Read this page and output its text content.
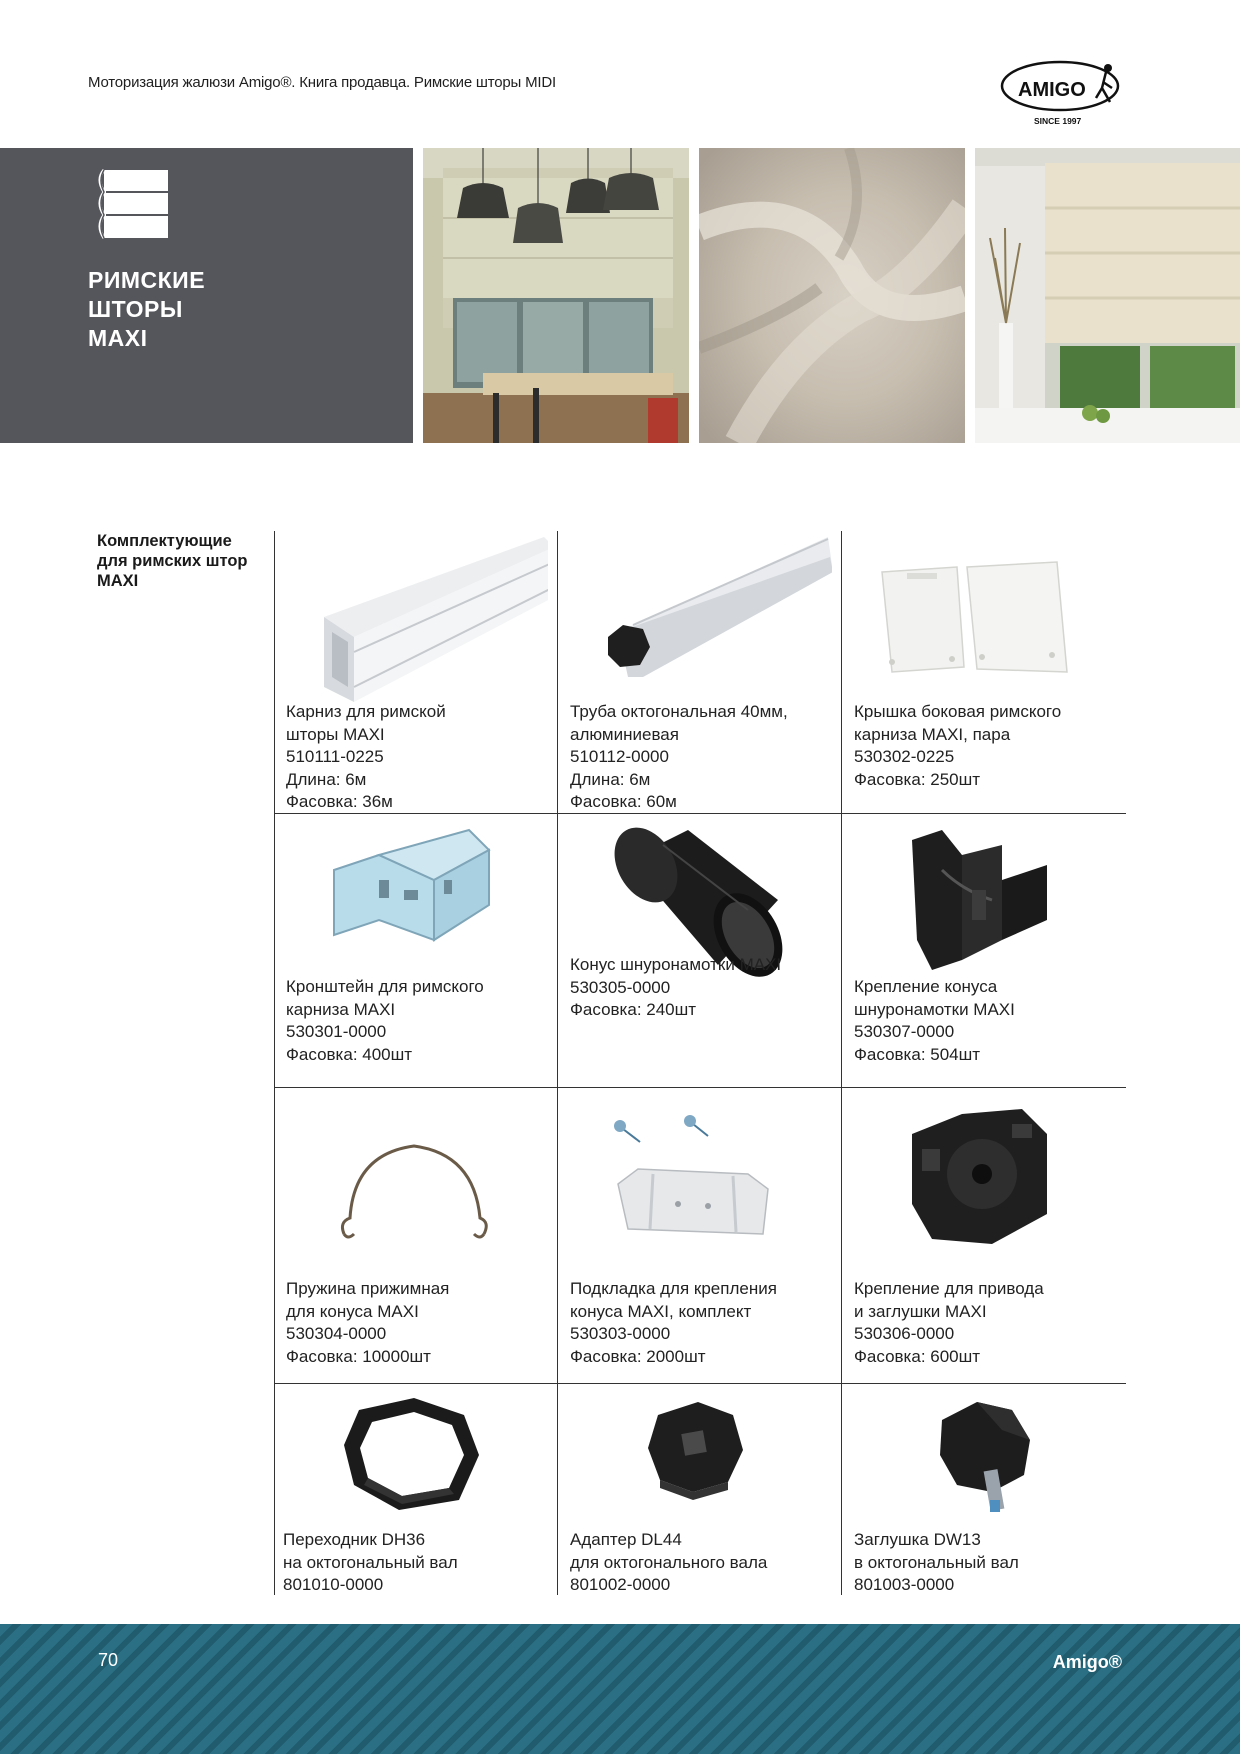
Моторизация жалюзи Amigo®. Книга продавца. Римские шторы MIDI	AMIGO
SINCE 1997
РИМСКИЕ
ШТОРЫ
MAXI
Комплектующие
для римских штор
MAXI
Карниз для римской
шторы MAXI
510111-0225
Длина: 6м
Фасовка: 36м
Труба октогональная 40мм,
алюминиевая
510112-0000
Длина: 6м
Фасовка: 60м
Крышка боковая римского
карниза MAXI, пара
530302-0225
Фасовка: 250шт
Кронштейн для римского
карниза MAXI
530301-0000
Фасовка: 400шт
Конус шнуронамотки MAXI
530305-0000
Фасовка: 240шт
Крепление конуса
шнуронамотки MAXI
530307-0000
Фасовка: 504шт
Пружина прижимная
для конуса MAXI
530304-0000
Фасовка: 10000шт
Подкладка для крепления
конуса MAXI, комплект
530303-0000
Фасовка: 2000шт
Крепление для привода
и заглушки MAXI
530306-0000
Фасовка: 600шт
Переходник DH36
на октогональный вал
801010-0000
Адаптер DL44
для октогонального вала
801002-0000
Заглушка DW13
в октогональный вал
801003-0000
70	Amigo®
